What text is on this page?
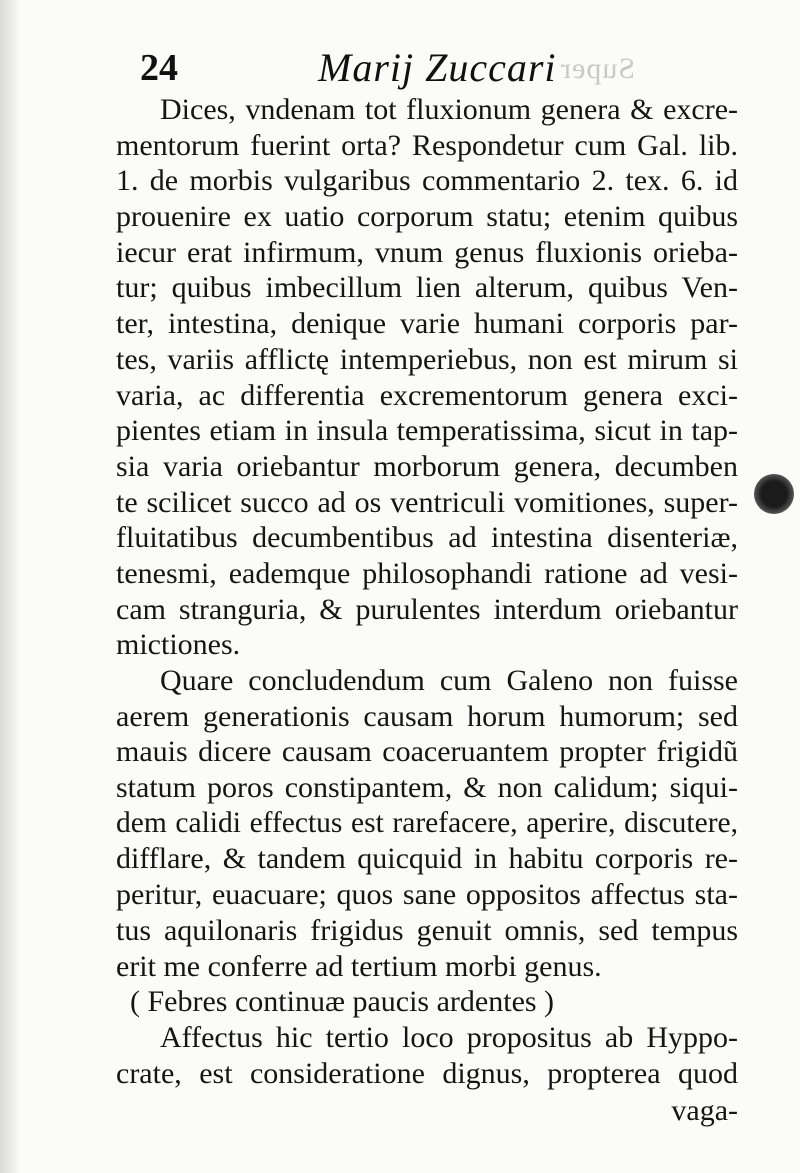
Super
24	Marij Zuccari
Dices, vndenam tot fluxionum genera & excre-
mentorum fuerint orta? Respondetur cum Gal. lib.
1. de morbis vulgaribus commentario 2. tex. 6. id
prouenire ex uatio corporum statu; etenim quibus
iecur erat infirmum, vnum genus fluxionis orieba-
tur; quibus imbecillum lien alterum, quibus Ven-
ter, intestina, denique varie humani corporis par-
tes, variis afflictę intemperiebus, non est mirum si
varia, ac differentia excrementorum genera exci-
pientes etiam in insula temperatissima, sicut in tap-
sia varia oriebantur morborum genera, decumben
te scilicet succo ad os ventriculi vomitiones, super-
fluitatibus decumbentibus ad intestina disenteriæ,
tenesmi, eademque philosophandi ratione ad vesi-
cam stranguria, & purulentes interdum oriebantur
mictiones.
Quare concludendum cum Galeno non fuisse
aerem generationis causam horum humorum; sed
mauis dicere causam coaceruantem propter frigidũ
statum poros constipantem, & non calidum; siqui-
dem calidi effectus est rarefacere, aperire, discutere,
difflare, & tandem quicquid in habitu corporis re-
peritur, euacuare; quos sane oppositos affectus sta-
tus aquilonaris frigidus genuit omnis, sed tempus
erit me conferre ad tertium morbi genus.
( Febres continuæ paucis ardentes )
Affectus hic tertio loco propositus ab Hyppo-
crate, est consideratione dignus, propterea quod
vaga-
